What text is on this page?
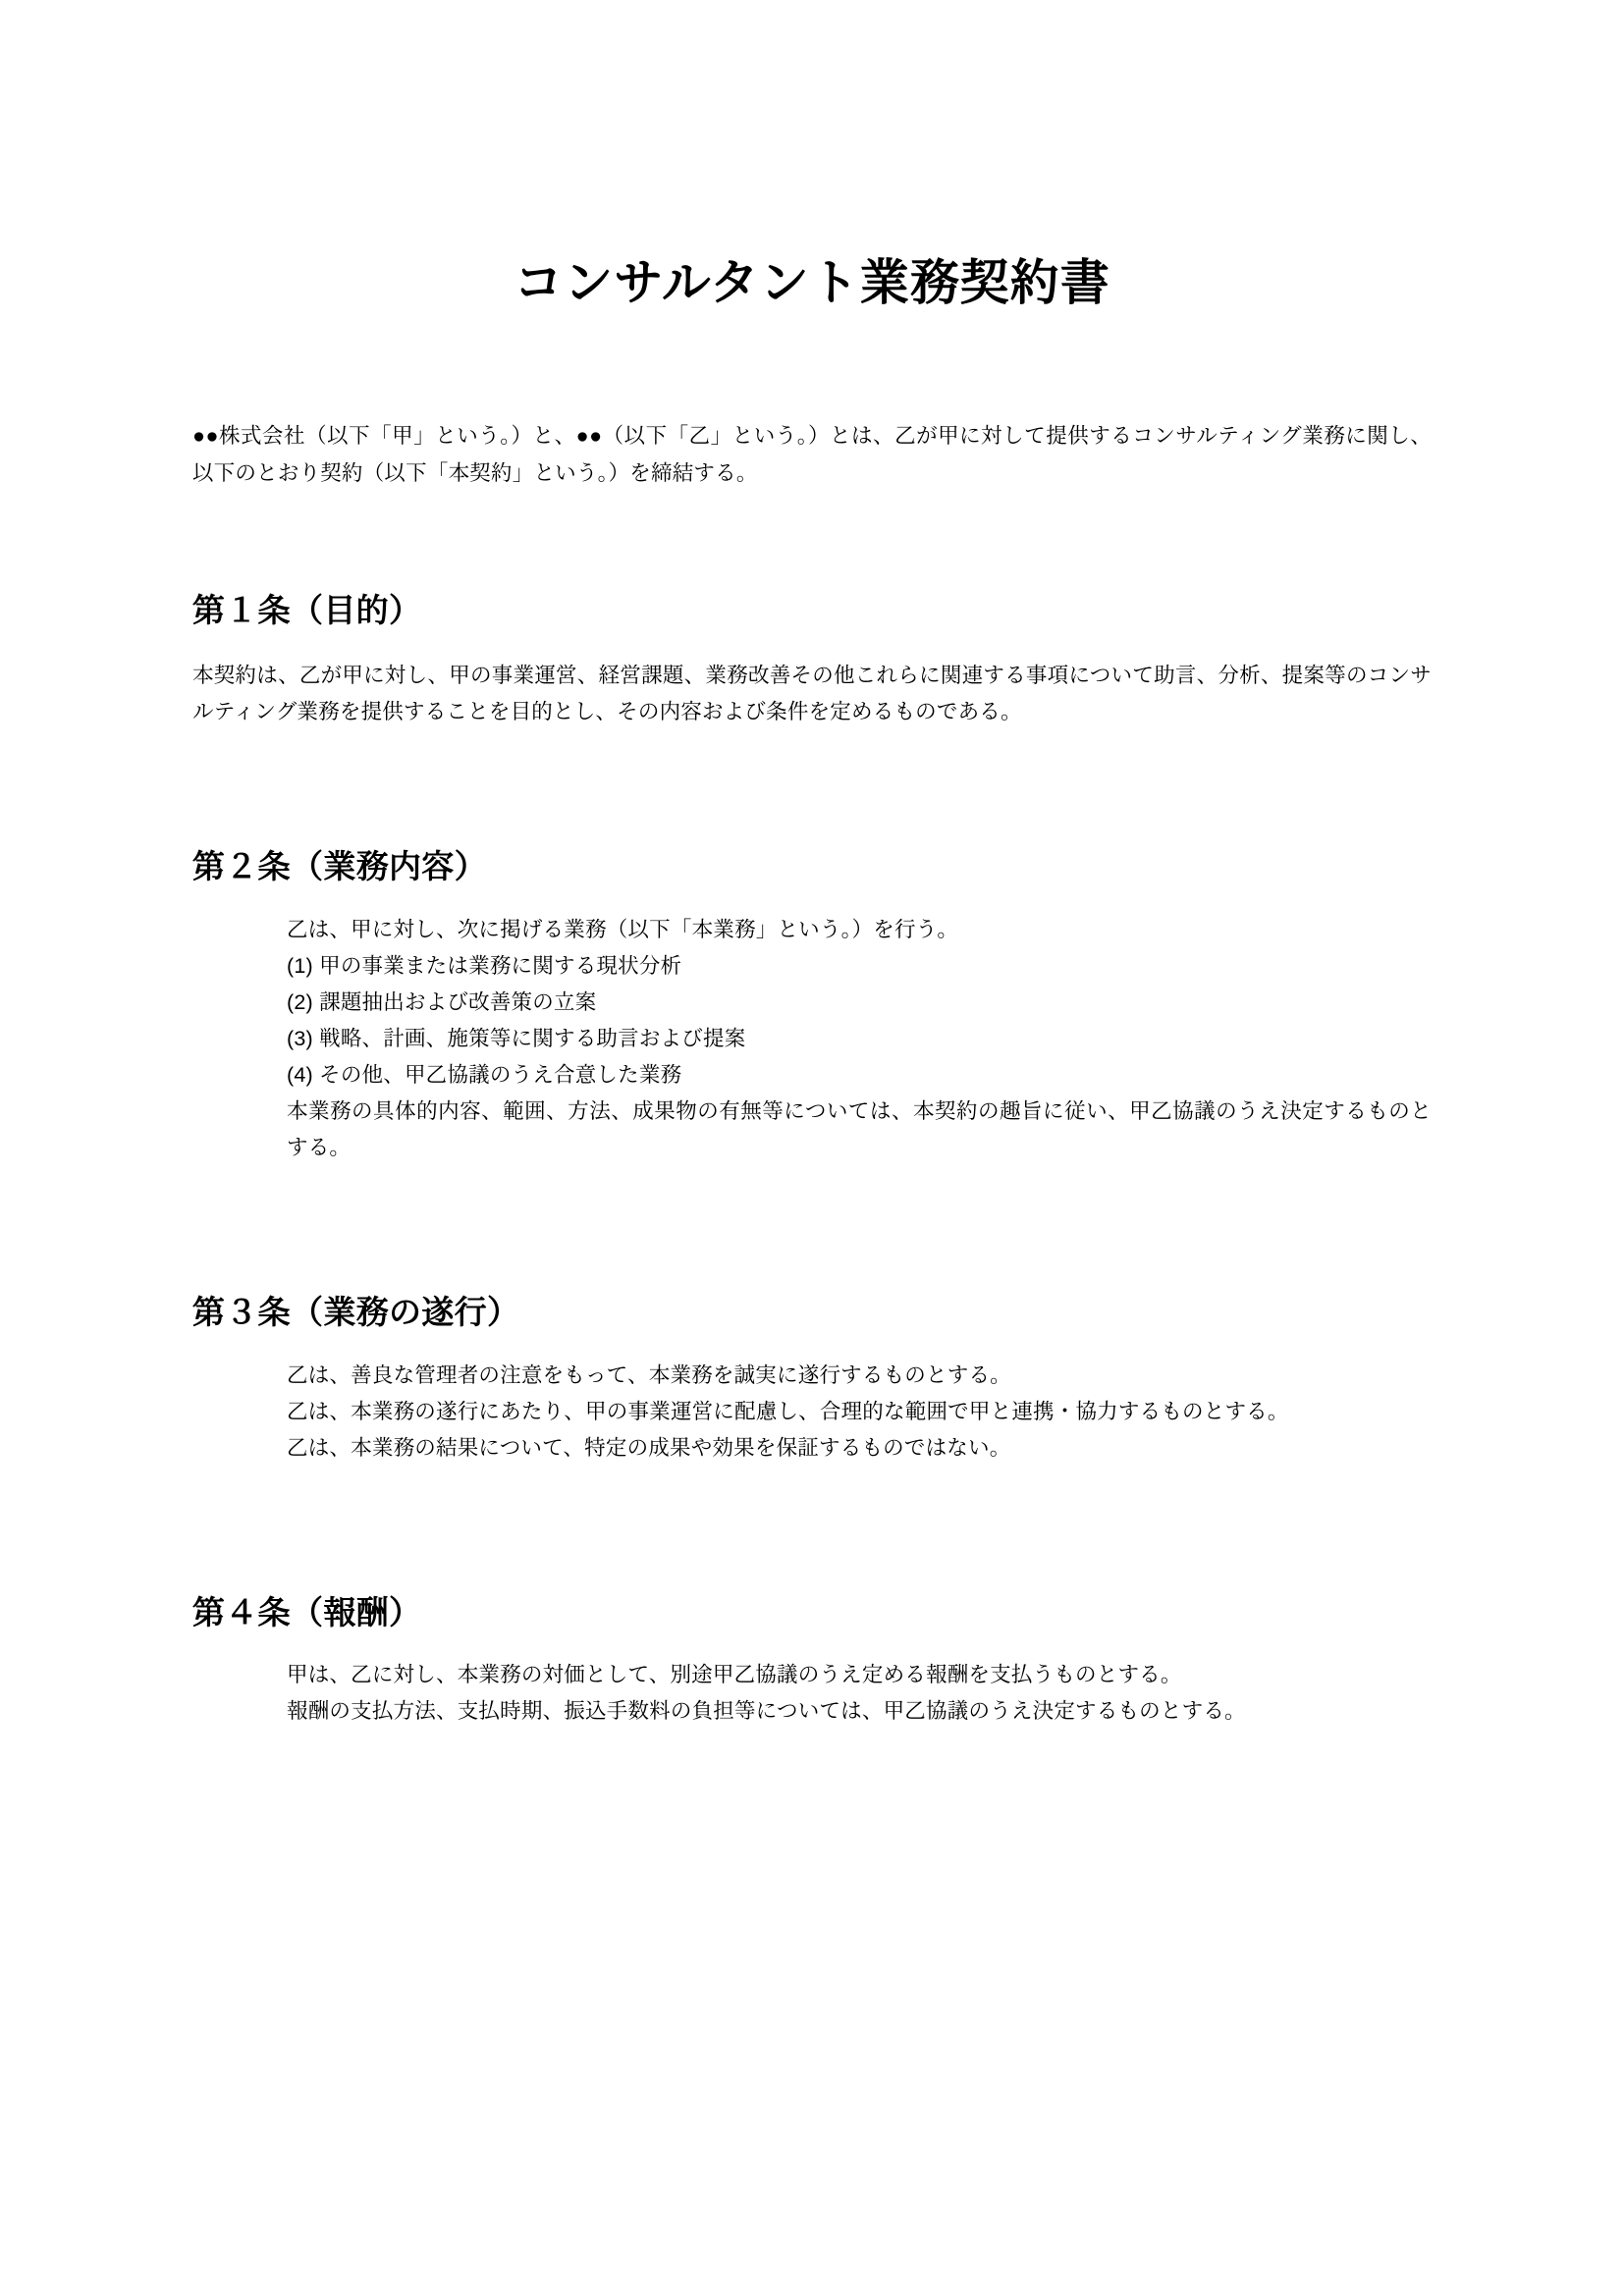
コンサルタント業務契約書

●●株式会社（以下「甲」という。）と、●●（以下「乙」という。）とは、乙が甲に対して提供するコンサルティング業務に関し、以下のとおり契約（以下「本契約」という。）を締結する。

第１条（目的）

本契約は、乙が甲に対し、甲の事業運営、経営課題、業務改善その他これらに関連する事項について助言、分析、提案等のコンサルティング業務を提供することを目的とし、その内容および条件を定めるものである。

第２条（業務内容）

乙は、甲に対し、次に掲げる業務（以下「本業務」という。）を行う。

(1) 甲の事業または業務に関する現状分析

(2) 課題抽出および改善策の立案

(3) 戦略、計画、施策等に関する助言および提案

(4) その他、甲乙協議のうえ合意した業務

本業務の具体的内容、範囲、方法、成果物の有無等については、本契約の趣旨に従い、甲乙協議のうえ決定するものとする。

第３条（業務の遂行）

乙は、善良な管理者の注意をもって、本業務を誠実に遂行するものとする。

乙は、本業務の遂行にあたり、甲の事業運営に配慮し、合理的な範囲で甲と連携・協力するものとする。

乙は、本業務の結果について、特定の成果や効果を保証するものではない。

第４条（報酬）

甲は、乙に対し、本業務の対価として、別途甲乙協議のうえ定める報酬を支払うものとする。

報酬の支払方法、支払時期、振込手数料の負担等については、甲乙協議のうえ決定するものとする。
